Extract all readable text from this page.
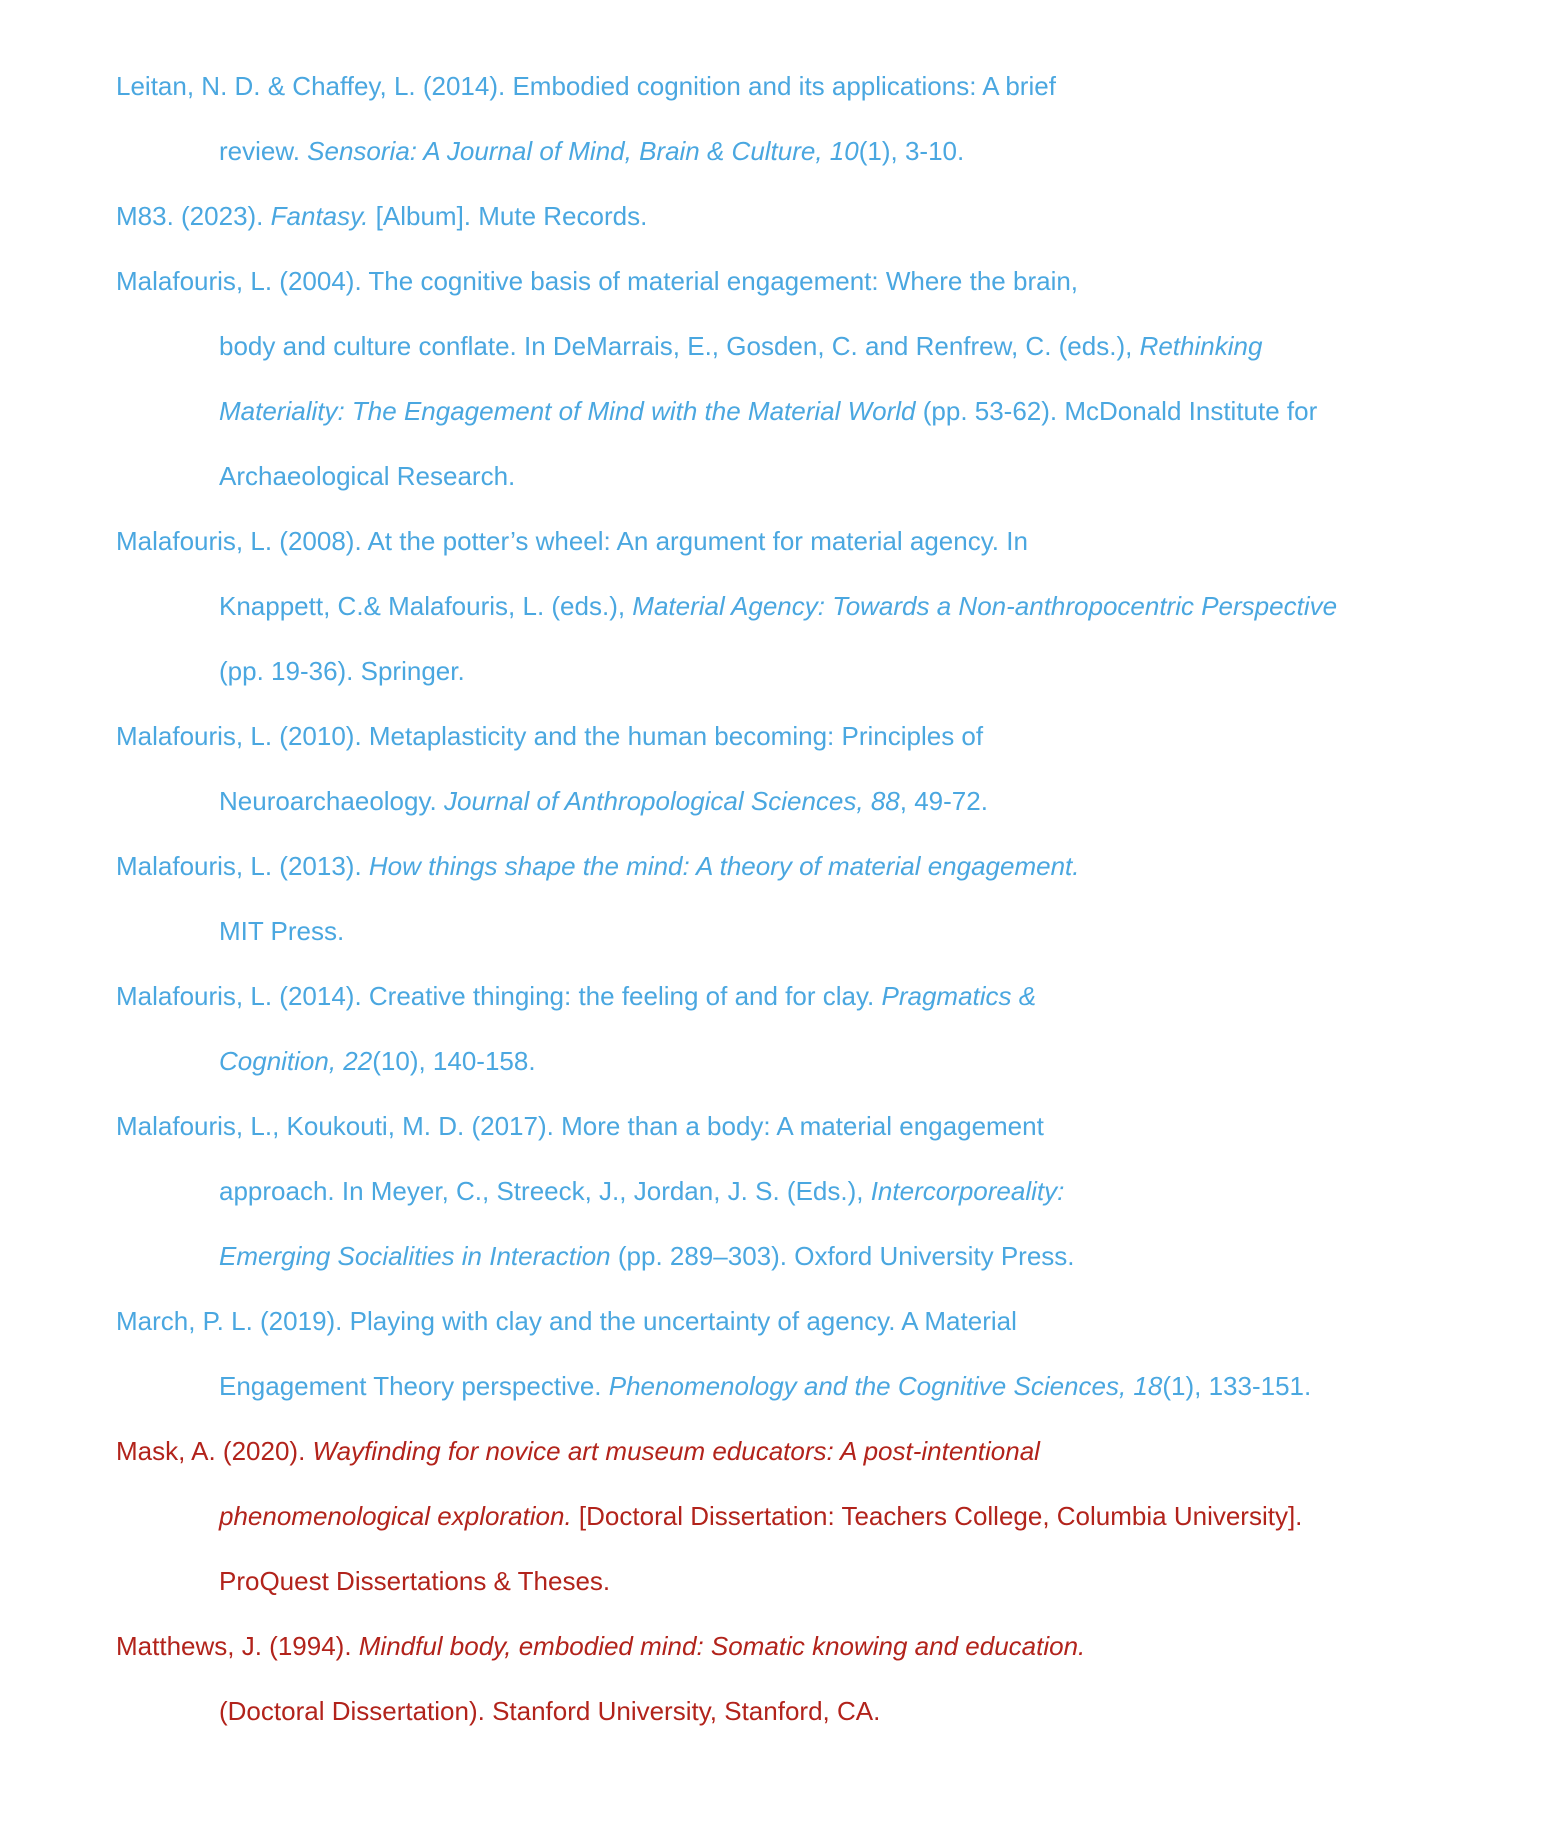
Leitan, N. D. & Chaffey, L. (2014). Embodied cognition and its applications: A brief
review. Sensoria: A Journal of Mind, Brain & Culture, 10(1), 3-10.

M83. (2023). Fantasy. [Album]. Mute Records.

Malafouris, L. (2004). The cognitive basis of material engagement: Where the brain,
body and culture conflate. In DeMarrais, E., Gosden, C. and Renfrew, C. (eds.), Rethinking
Materiality: The Engagement of Mind with the Material World (pp. 53-62). McDonald Institute for
Archaeological Research.

Malafouris, L. (2008). At the potter’s wheel: An argument for material agency. In
Knappett, C.& Malafouris, L. (eds.), Material Agency: Towards a Non-anthropocentric Perspective
(pp. 19-36). Springer.

Malafouris, L. (2010). Metaplasticity and the human becoming: Principles of
Neuroarchaeology. Journal of Anthropological Sciences, 88, 49-72.

Malafouris, L. (2013). How things shape the mind: A theory of material engagement.
MIT Press.

Malafouris, L. (2014). Creative thinging: the feeling of and for clay. Pragmatics &
Cognition, 22(10), 140-158.

Malafouris, L., Koukouti, M. D. (2017). More than a body: A material engagement
approach. In Meyer, C., Streeck, J., Jordan, J. S. (Eds.), Intercorporeality:
Emerging Socialities in Interaction (pp. 289–303). Oxford University Press.

March, P. L. (2019). Playing with clay and the uncertainty of agency. A Material
Engagement Theory perspective. Phenomenology and the Cognitive Sciences, 18(1), 133-151.

Mask, A. (2020). Wayfinding for novice art museum educators: A post-intentional
phenomenological exploration. [Doctoral Dissertation: Teachers College, Columbia University].
ProQuest Dissertations & Theses.

Matthews, J. (1994). Mindful body, embodied mind: Somatic knowing and education.
(Doctoral Dissertation). Stanford University, Stanford, CA.
